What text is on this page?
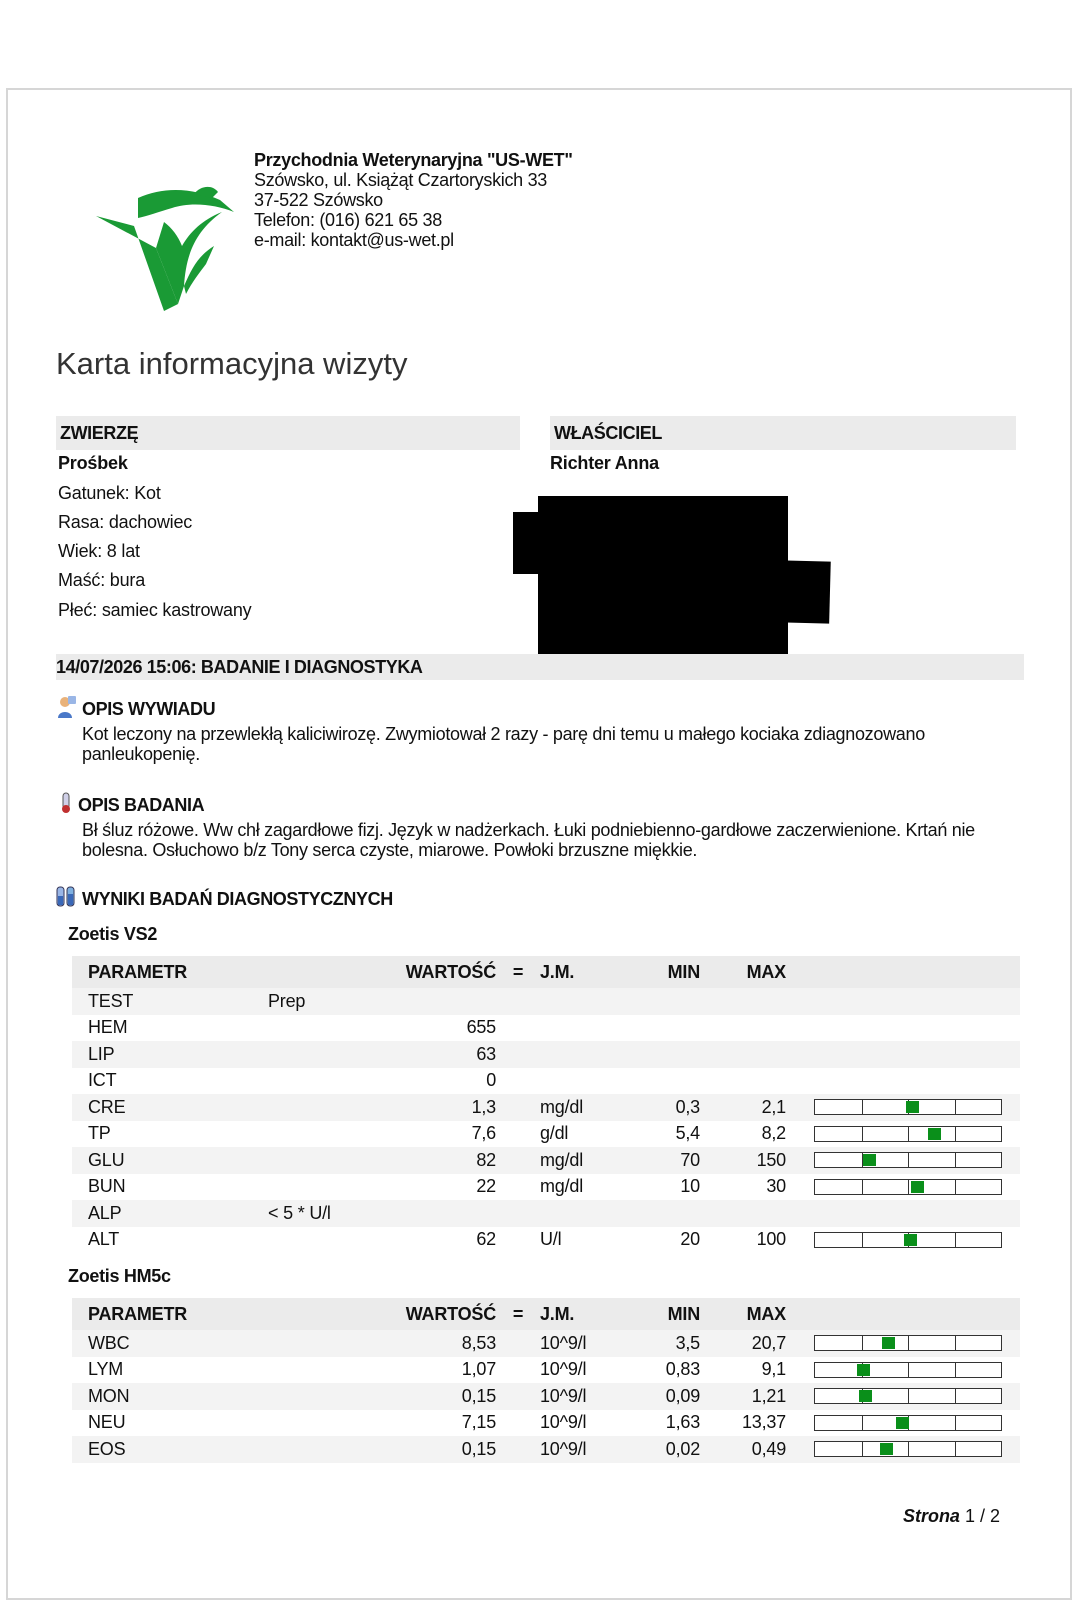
Przychodnia Weterynaryjna "US-WET"
Szówsko, ul. Książąt Czartoryskich 33
37-522 Szówsko
Telefon: (016) 621 65 38
e-mail: kontakt@us-wet.pl
Karta informacyjna wizyty
ZWIERZĘ
Prośbek
Gatunek: Kot
Rasa: dachowiec
Wiek: 8 lat
Maść: bura
Płeć: samiec kastrowany
WŁAŚCICIEL
Richter Anna
14/07/2026 15:06: BADANIE I DIAGNOSTYKA
OPIS WYWIADU
Kot leczony na przewlekłą kaliciwirozę. Zwymiotował 2 razy - parę dni temu u małego kociaka zdiagnozowano panleukopenię.
OPIS BADANIA
Bł śluz różowe. Ww chł zagardłowe fizj. Język w nadżerkach. Łuki podniebienno-gardłowe zaczerwienione. Krtań nie bolesna. Osłuchowo b/z Tony serca czyste, miarowe. Powłoki brzuszne miękkie.
WYNIKI BADAŃ DIAGNOSTYCZNYCH
Zoetis VS2
PARAMETR		WARTOŚĆ	=	J.M.	MIN	MAX	
TEST	Prep						
HEM		655					
LIP		63					
ICT		0					
CRE		1,3		mg/dl	0,3	2,1	

TP		7,6		g/dl	5,4	8,2	

GLU		82		mg/dl	70	150	

BUN		22		mg/dl	10	30	

ALP	< 5 * U/l						
ALT		62		U/l	20	100	
Zoetis HM5c
PARAMETR		WARTOŚĆ	=	J.M.	MIN	MAX	
WBC		8,53		10^9/l	3,5	20,7	

LYM		1,07		10^9/l	0,83	9,1	

MON		0,15		10^9/l	0,09	1,21	

NEU		7,15		10^9/l	1,63	13,37	

EOS		0,15		10^9/l	0,02	0,49	
Strona 1 / 2
